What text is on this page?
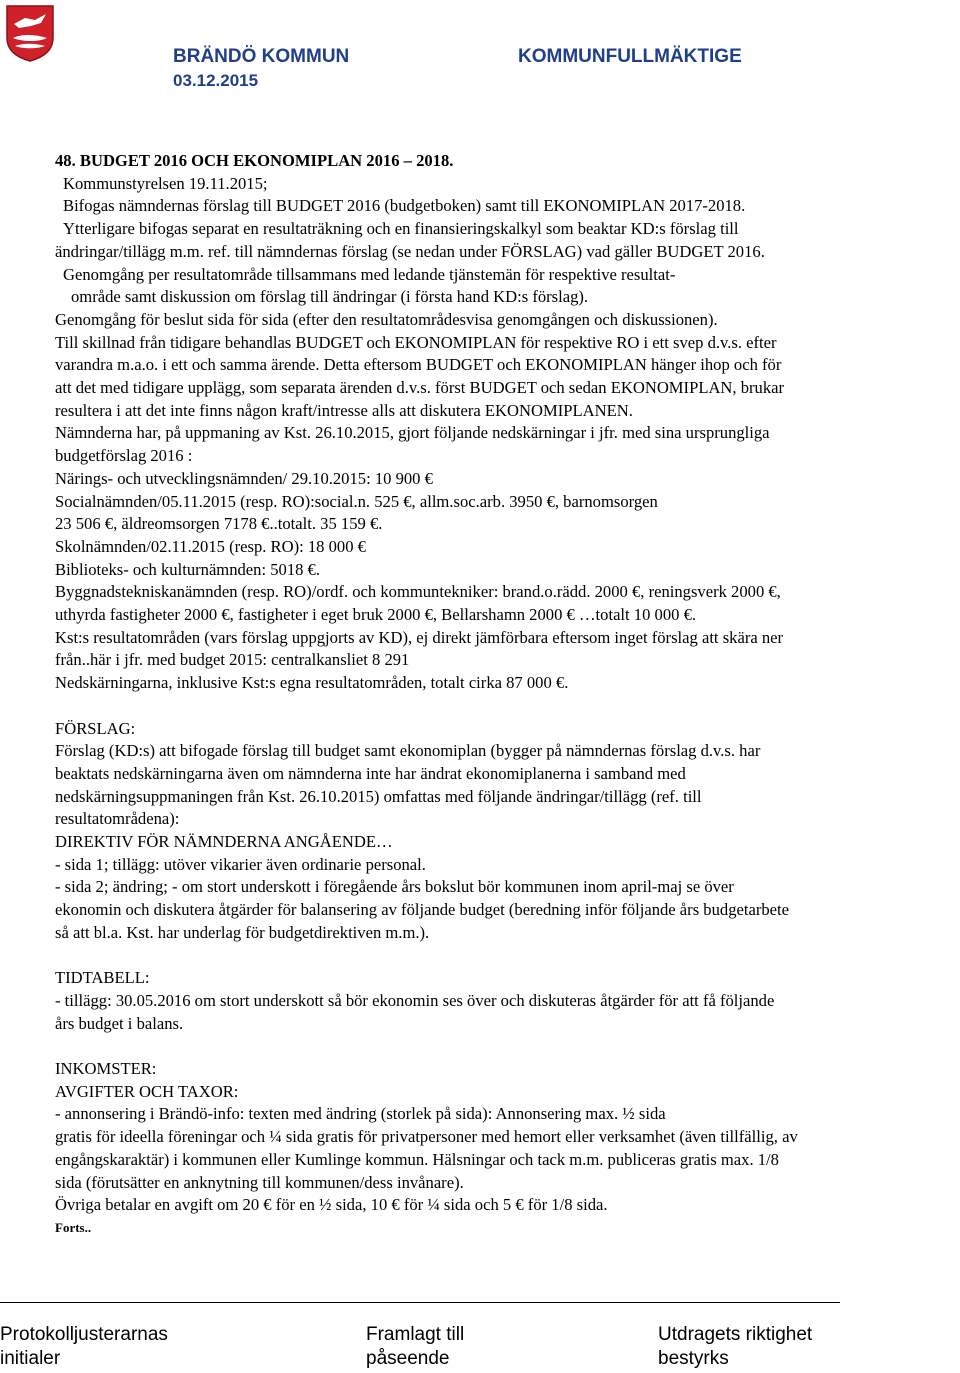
BRÄNDÖ KOMMUN
03.12.2015
KOMMUNFULLMÄKTIGE

48. BUDGET 2016 OCH EKONOMIPLAN 2016 – 2018.

Kommunstyrelsen 19.11.2015;

Bifogas nämndernas förslag till BUDGET 2016 (budgetboken) samt till EKONOMIPLAN 2017-2018.

Ytterligare bifogas separat en resultaträkning och en finansieringskalkyl som beaktar KD:s förslag till

ändringar/tillägg m.m. ref. till nämndernas förslag (se nedan under FÖRSLAG) vad gäller BUDGET 2016.

Genomgång per resultatområde tillsammans med ledande tjänstemän för respektive resultat-

område samt diskussion om förslag till ändringar (i första hand KD:s förslag).

Genomgång för beslut sida för sida (efter den resultatområdesvisa genomgången och diskussionen).

Till skillnad från tidigare behandlas BUDGET och EKONOMIPLAN för respektive RO i ett svep d.v.s. efter

varandra m.a.o. i ett och samma ärende. Detta eftersom BUDGET och EKONOMIPLAN hänger ihop och för

att det med tidigare upplägg, som separata ärenden d.v.s. först BUDGET och sedan EKONOMIPLAN, brukar

resultera i att det inte finns någon kraft/intresse alls att diskutera EKONOMIPLANEN.

Nämnderna har, på uppmaning av Kst. 26.10.2015, gjort följande nedskärningar i jfr. med sina ursprungliga

budgetförslag 2016 :

Närings- och utvecklingsnämnden/ 29.10.2015: 10 900 €

Socialnämnden/05.11.2015 (resp. RO):social.n. 525 €, allm.soc.arb. 3950 €, barnomsorgen

23 506 €, äldreomsorgen 7178 €..totalt. 35 159 €.

Skolnämnden/02.11.2015 (resp. RO): 18 000 €

Biblioteks- och kulturnämnden: 5018 €.

Byggnadstekniskanämnden (resp. RO)/ordf. och kommuntekniker: brand.o.rädd. 2000 €, reningsverk 2000 €,

uthyrda fastigheter 2000 €, fastigheter i eget bruk 2000 €, Bellarshamn 2000 € …totalt 10 000 €.

Kst:s resultatområden (vars förslag uppgjorts av KD), ej direkt jämförbara eftersom inget förslag att skära ner

från..här i jfr. med budget 2015: centralkansliet 8 291

Nedskärningarna, inklusive Kst:s egna resultatområden, totalt cirka 87 000 €.

FÖRSLAG:

Förslag (KD:s) att bifogade förslag till budget samt ekonomiplan (bygger på nämndernas förslag d.v.s. har

beaktats nedskärningarna även om nämnderna inte har ändrat ekonomiplanerna i samband med

nedskärningsuppmaningen från Kst. 26.10.2015) omfattas med följande ändringar/tillägg (ref. till

resultatområdena):

DIREKTIV FÖR NÄMNDERNA ANGÅENDE…

- sida 1; tillägg: utöver vikarier även ordinarie personal.

- sida 2; ändring; - om stort underskott i föregående års bokslut bör kommunen inom april-maj se över

ekonomin och diskutera åtgärder för balansering av följande budget (beredning inför följande års budgetarbete

så att bl.a. Kst. har underlag för budgetdirektiven m.m.).

TIDTABELL:

- tillägg: 30.05.2016 om stort underskott så bör ekonomin ses över och diskuteras åtgärder för att få följande

års budget i balans.

INKOMSTER:

AVGIFTER OCH TAXOR:

- annonsering i Brändö-info: texten med ändring (storlek på sida): Annonsering max. ½ sida

gratis för ideella föreningar och ¼ sida gratis för privatpersoner med hemort eller verksamhet (även tillfällig, av

engångskaraktär) i kommunen eller Kumlinge kommun. Hälsningar och tack m.m. publiceras gratis max. 1/8

sida (förutsätter en anknytning till kommunen/dess invånare).

Övriga betalar en avgift om 20 € för en ½ sida, 10 € för ¼ sida och 5 € för 1/8 sida.

Forts..

Protokolljusterarnas
initialer
Framlagt till
påseende
Utdragets riktighet
bestyrks
